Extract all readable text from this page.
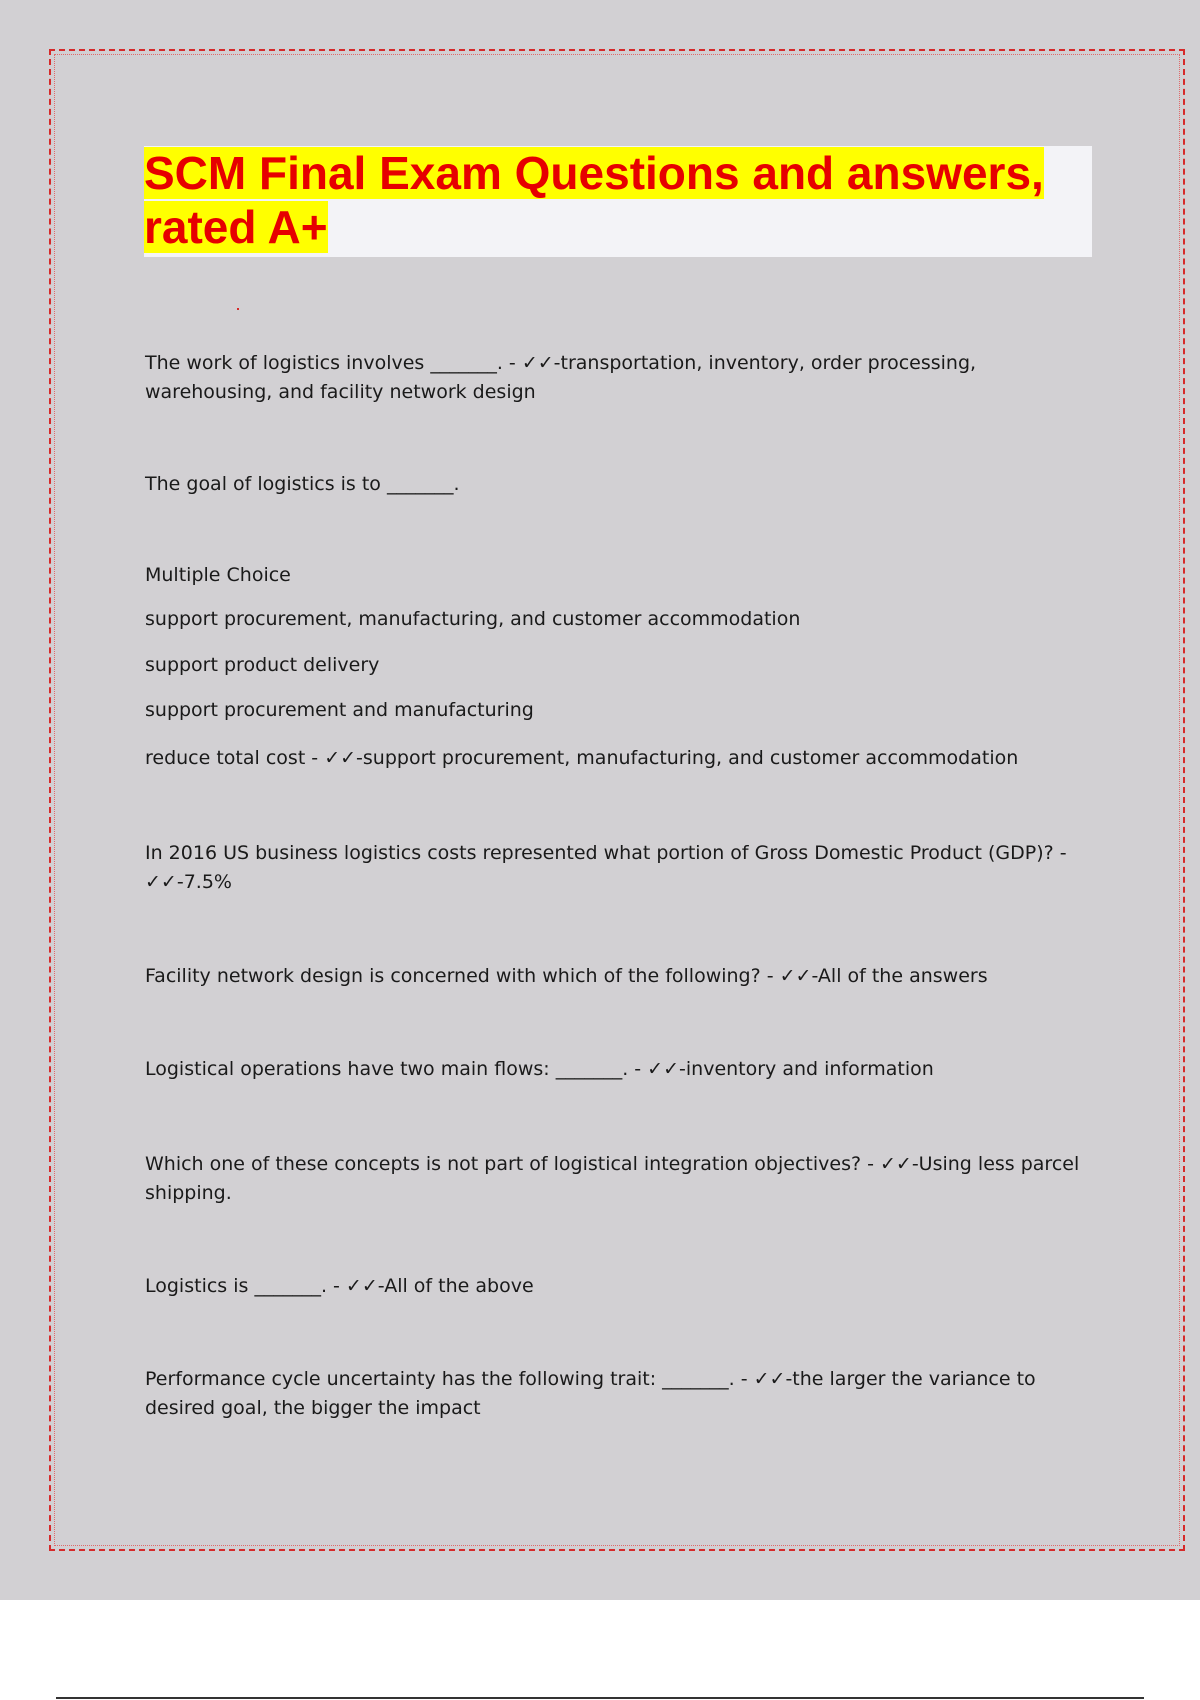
SCM Final Exam Questions and answers, rated A+

The work of logistics involves _______. - ✓✓-transportation, inventory, order processing, warehousing, and facility network design

The goal of logistics is to _______.

Multiple Choice

support procurement, manufacturing, and customer accommodation

support product delivery

support procurement and manufacturing

reduce total cost - ✓✓-support procurement, manufacturing, and customer accommodation

In 2016 US business logistics costs represented what portion of Gross Domestic Product (GDP)? - ✓✓-7.5%

Facility network design is concerned with which of the following? - ✓✓-All of the answers

Logistical operations have two main flows: _______. - ✓✓-inventory and information

Which one of these concepts is not part of logistical integration objectives? - ✓✓-Using less parcel shipping.

Logistics is _______. - ✓✓-All of the above

Performance cycle uncertainty has the following trait: _______. - ✓✓-the larger the variance to desired goal, the bigger the impact
